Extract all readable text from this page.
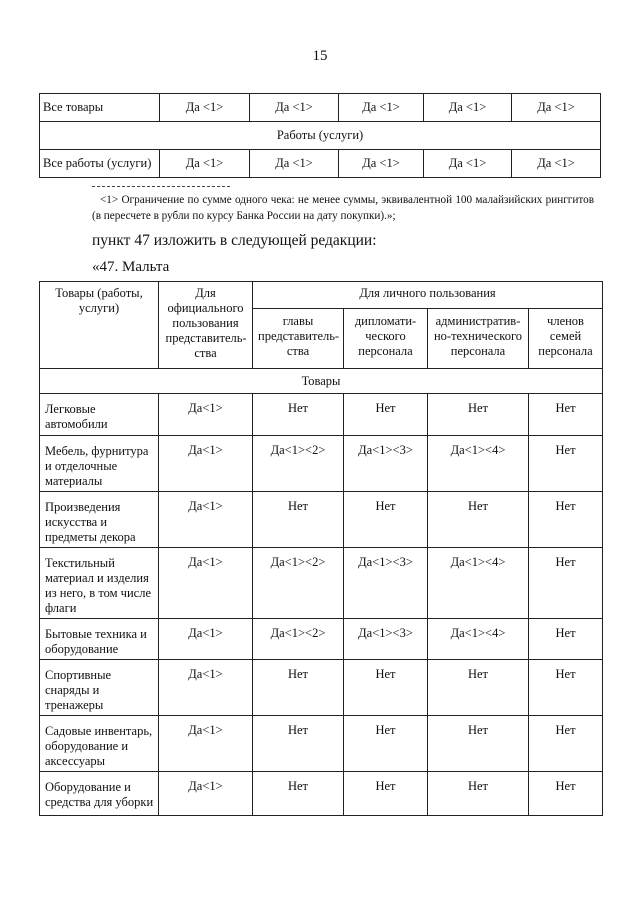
15
Все товары	Да <1>	Да <1>	Да <1>	Да <1>	Да <1>
Работы (услуги)					
Все работы (услуги)	Да <1>	Да <1>	Да <1>	Да <1>	Да <1>
<1> Ограничение по сумме одного чека: не менее суммы, эквивалентной 100 малайзийских ринггитов (в пересчете в рубли по курсу Банка России на дату покупки).»;
пункт 47 изложить в следующей редакции:
«47. Мальта
Товары (работы, услуги)	Для официального пользования представитель- ства	Для личного пользования			
		главы представитель- ства	дипломати- ческого персонала	административ- но-технического персонала	членов семей персонала
Товары					
Легковые автомобили	Да<1>	Нет	Нет	Нет	Нет
Мебель, фурнитура и отделочные материалы	Да<1>	Да<1><2>	Да<1><3>	Да<1><4>	Нет
Произведения искусства и предметы декора	Да<1>	Нет	Нет	Нет	Нет
Текстильный материал и изделия из него, в том числе флаги	Да<1>	Да<1><2>	Да<1><3>	Да<1><4>	Нет
Бытовые техника и оборудование	Да<1>	Да<1><2>	Да<1><3>	Да<1><4>	Нет
Спортивные снаряды и тренажеры	Да<1>	Нет	Нет	Нет	Нет
Садовые инвентарь, оборудование и аксессуары	Да<1>	Нет	Нет	Нет	Нет
Оборудование и средства для уборки	Да<1>	Нет	Нет	Нет	Нет
